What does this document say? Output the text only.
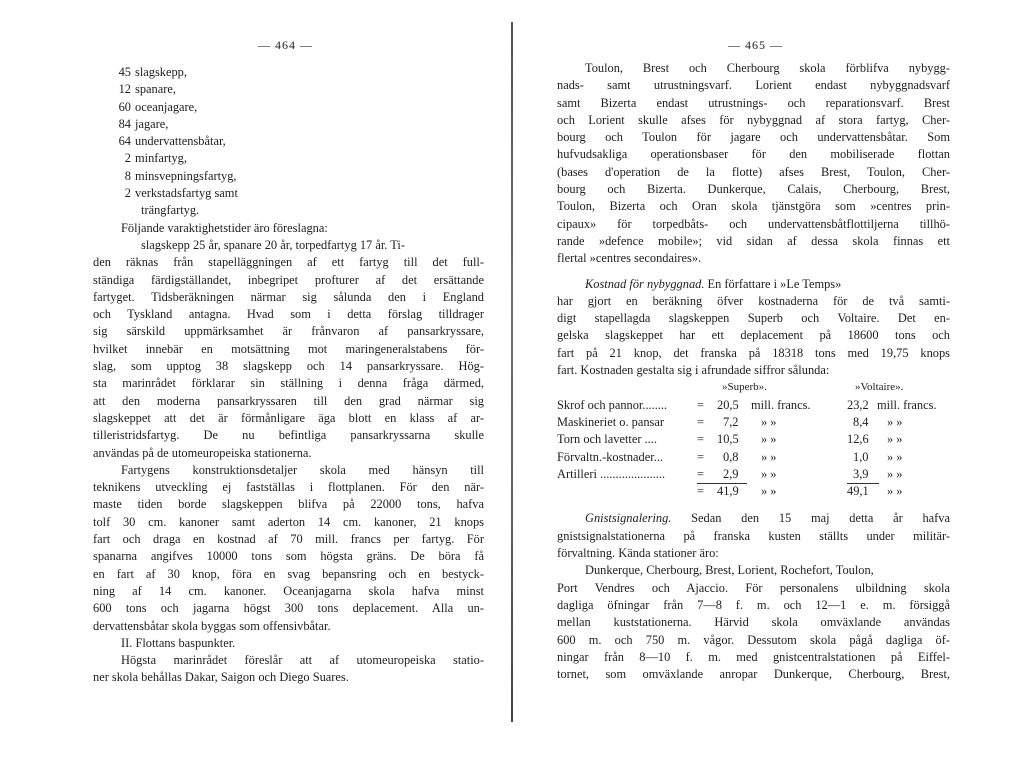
— 464 —
45 slagskepp,
12 spanare,
60 oceanjagare,
84 jagare,
64 undervattensbåtar,
2 minfartyg,
8 minsvepningsfartyg,
2 verkstadsfartyg samt
trängfartyg.
Följande varaktighetstider äro föreslagna:
slagskepp 25 år, spanare 20 år, torpedfartyg 17 år. Ti-
den räknas från stapelläggningen af ett fartyg till det full-
ständiga färdigställandet, inbegripet profturer af det ersättande
fartyget. Tidsberäkningen närmar sig sålunda den i England
och Tyskland antagna. Hvad som i detta förslag tilldrager
sig särskild uppmärksamhet är frånvaron af pansarkryssare,
hvilket innebär en motsättning mot maringeneralstabens för-
slag, som upptog 38 slagskepp och 14 pansarkryssare. Hög-
sta marinrådet förklarar sin ställning i denna fråga därmed,
att den moderna pansarkryssaren till den grad närmar sig
slagskeppet att det är förmånligare äga blott en klass af ar-
tilleristridsfartyg. De nu befintliga pansarkryssarna skulle
användas på de utomeuropeiska stationerna.
Fartygens konstruktionsdetaljer skola med hänsyn till
teknikens utveckling ej fastställas i flottplanen. För den när-
maste tiden borde slagskeppen blifva på 22000 tons, hafva
tolf 30 cm. kanoner samt aderton 14 cm. kanoner, 21 knops
fart och draga en kostnad af 70 mill. francs per fartyg. För
spanarna angifves 10000 tons som högsta gräns. De böra få
en fart af 30 knop, föra en svag bepansring och en bestyck-
ning af 14 cm. kanoner. Oceanjagarna skola hafva minst
600 tons och jagarna högst 300 tons deplacement. Alla un-
dervattensbåtar skola byggas som offensivbåtar.
II. Flottans baspunkter.
Högsta marinrådet föreslår att af utomeuropeiska statio-
ner skola behållas Dakar, Saigon och Diego Suares.
— 465 —
Toulon, Brest och Cherbourg skola förblifva nybygg-
nads- samt utrustningsvarf. Lorient endast nybyggnadsvarf
samt Bizerta endast utrustnings- och reparationsvarf. Brest
och Lorient skulle afses för nybyggnad af stora fartyg, Cher-
bourg och Toulon för jagare och undervattensbåtar. Som
hufvudsakliga operationsbaser för den mobiliserade flottan
(bases d'operation de la flotte) afses Brest, Toulon, Cher-
bourg och Bizerta. Dunkerque, Calais, Cherbourg, Brest,
Toulon, Bizerta och Oran skola tjänstgöra som »centres prin-
cipaux» för torpedbåts- och undervattensbåtflottiljerna tillhö-
rande »defence mobile»; vid sidan af dessa skola finnas ett
flertal »centres secondaires».
Kostnad för nybyggnad. En författare i »Le Temps»
har gjort en beräkning öfver kostnaderna för de två samti-
digt stapellagda slagskeppen Superb och Voltaire. Det en-
gelska slagskeppet har ett deplacement på 18600 tons och
fart på 21 knop, det franska på 18318 tons med 19,75 knops
fart. Kostnaden gestalta sig i afrundade siffror sålunda:
»Superb».	»Voltaire».
Skrof och pannor........ = 20,5 mill. francs.	23,2 mill. francs.
Maskineriet o. pansar	= 7,2 » »	8,4 » »
Torn och lavetter ....	= 10,5 » »	12,6 » »
Förvaltn.-kostnader...	= 0,8 » »	1,0 » »
Artilleri .....................	= 2,9 » »	3,9 » »
= 41,9 » »	49,1 » »
Gnistsignalering. Sedan den 15 maj detta år hafva
gnistsignalstationerna på franska kusten ställts under militär-
förvaltning. Kända stationer äro:
Dunkerque, Cherbourg, Brest, Lorient, Rochefort, Toulon,
Port Vendres och Ajaccio. För personalens ulbildning skola
dagliga öfningar från 7—8 f. m. och 12—1 e. m. försiggå
mellan kuststationerna. Härvid skola omväxlande användas
600 m. och 750 m. vågor. Dessutom skola pågå dagliga öf-
ningar från 8—10 f. m. med gnistcentralstationen på Eiffel-
tornet, som omväxlande anropar Dunkerque, Cherbourg, Brest,
